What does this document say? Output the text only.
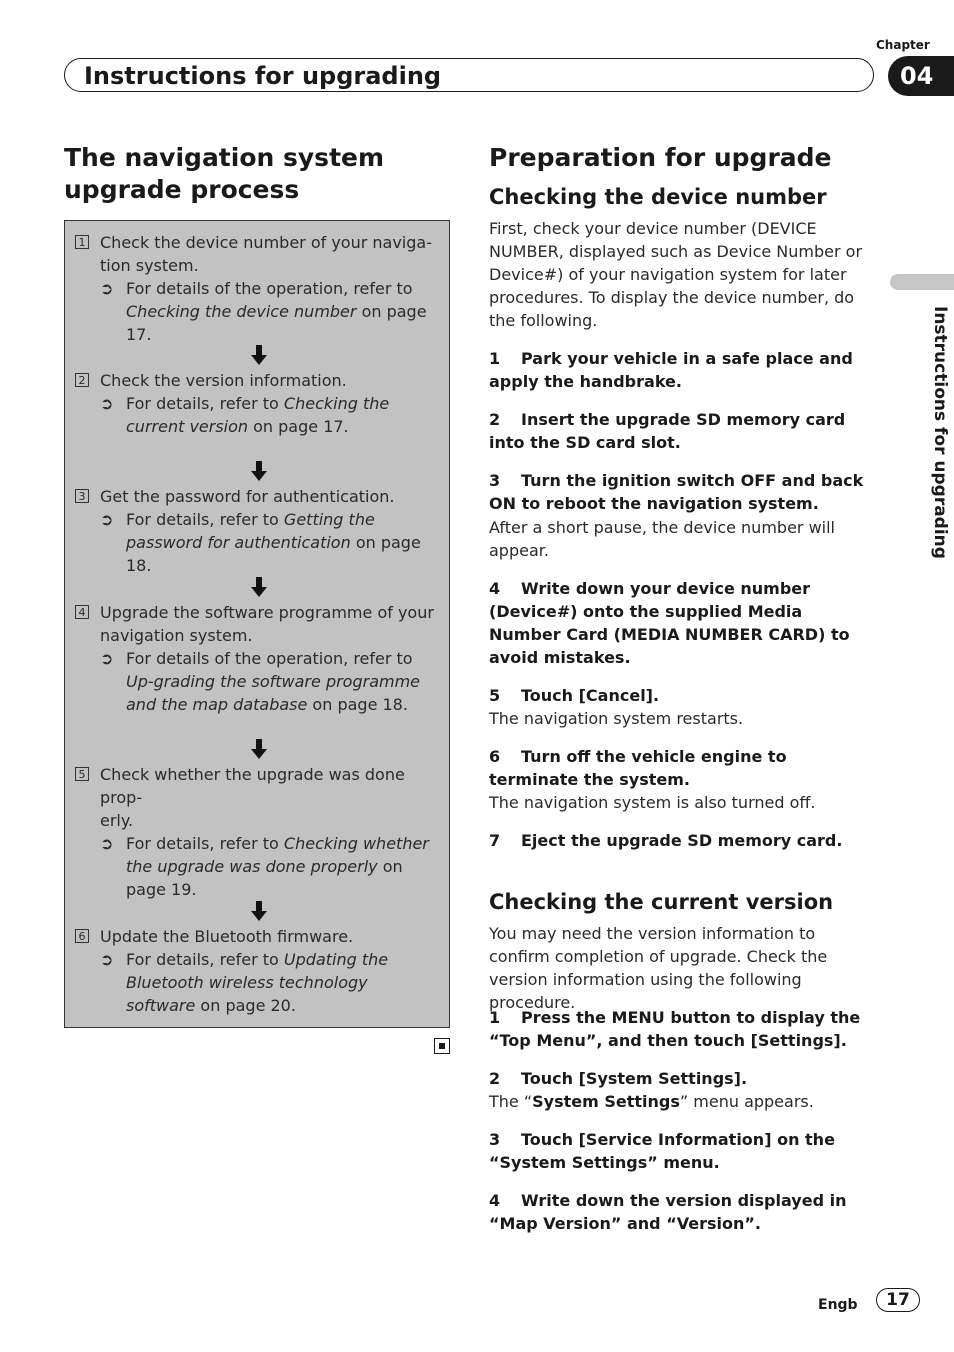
Chapter
Instructions for upgrading	04
Instructions for upgrading
The navigation system
upgrade process
1 Check the device number of your naviga-
tion system.
➲ For details of the operation, refer to
Checking the device number on page 17.
2 Check the version information.
➲ For details, refer to Checking the current version on page 17.
3 Get the password for authentication.
➲ For details, refer to Getting the password for authentication on page 18.
4 Upgrade the software programme of your
navigation system.
➲ For details of the operation, refer to Up-grading the software programme and the map database on page 18.
5 Check whether the upgrade was done prop-
erly.
➲ For details, refer to Checking whether the upgrade was done properly on page 19.
6 Update the Bluetooth firmware.
➲ For details, refer to Updating the Bluetooth wireless technology software on page 20.
Preparation for upgrade
Checking the device number
First, check your device number (DEVICE NUMBER, displayed such as Device Number or Device#) of your navigation system for later procedures. To display the device number, do the following.
1 Park your vehicle in a safe place and apply the handbrake.
2 Insert the upgrade SD memory card into the SD card slot.
3 Turn the ignition switch OFF and back ON to reboot the navigation system.
After a short pause, the device number will appear.
4 Write down your device number (Device#) onto the supplied Media Number Card (MEDIA NUMBER CARD) to avoid mistakes.
5 Touch [Cancel].
The navigation system restarts.
6 Turn off the vehicle engine to terminate the system.
The navigation system is also turned off.
7 Eject the upgrade SD memory card.
Checking the current version
You may need the version information to confirm completion of upgrade. Check the version information using the following procedure.
1 Press the MENU button to display the “Top Menu”, and then touch [Settings].
2 Touch [System Settings].
The “System Settings” menu appears.
3 Touch [Service Information] on the “System Settings” menu.
4 Write down the version displayed in “Map Version” and “Version”.
Engb	17
